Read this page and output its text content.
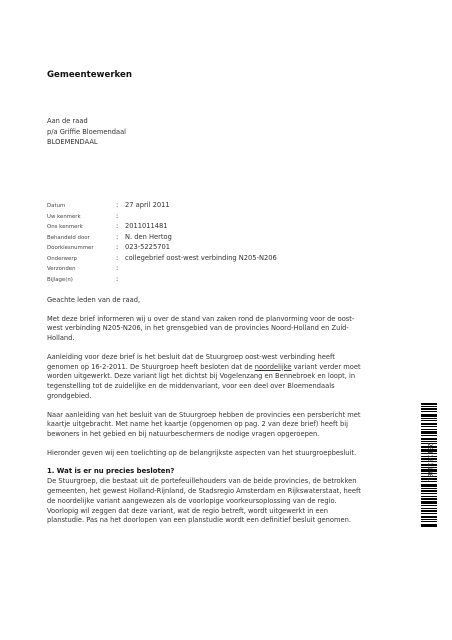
Gemeentewerken
Aan de raad
p/a Griffie Bloemendaal
BLOEMENDAAL
Datum	: 27 april 2011
Uw kenmerk	:
Ons kenmerk	: 2011011481
Behandeld door	: N. den Hertog
Doorkiesnummer	: 023-5225701
Onderwerp	: collegebrief oost-west verbinding N205-N206
Verzonden	:
Bijlage(n)	:

Geachte leden van de raad,

Met deze brief informeren wij u over de stand van zaken rond de planvorming voor de oost-west verbinding N205-N206, in het grensgebied van de provincies Noord-Holland en Zuid-Holland.

Aanleiding voor deze brief is het besluit dat de Stuurgroep oost-west verbinding heeft genomen op 16-2-2011. De Stuurgroep heeft besloten dat de noordelijke variant verder moet worden uitgewerkt. Deze variant ligt het dichtst bij Vogelenzang en Bennebroek en loopt, in tegenstelling tot de zuidelijke en de middenvariant, voor een deel over Bloemendaals grondgebied.

Naar aanleiding van het besluit van de Stuurgroep hebben de provincies een persbericht met kaartje uitgebracht. Met name het kaartje (opgenomen op pag. 2 van deze brief) heeft bij bewoners in het gebied en bij natuurbeschermers de nodige vragen opgeroepen.

Hieronder geven wij een toelichting op de belangrijkste aspecten van het stuurgroepbesluit.

1. Wat is er nu precies besloten?

De Stuurgroep, die bestaat uit de portefeuillehouders van de beide provincies, de betrokken gemeenten, het gewest Holland-Rijnland, de Stadsregio Amsterdam en Rijkswaterstaat, heeft de noordelijke variant aangewezen als de voorlopige voorkeursoplossing van de regio. Voorlopig wil zeggen dat deze variant, wat de regio betreft, wordt uitgewerkt in een planstudie. Pas na het doorlopen van een planstudie wordt een definitief besluit genomen.

2011011481
